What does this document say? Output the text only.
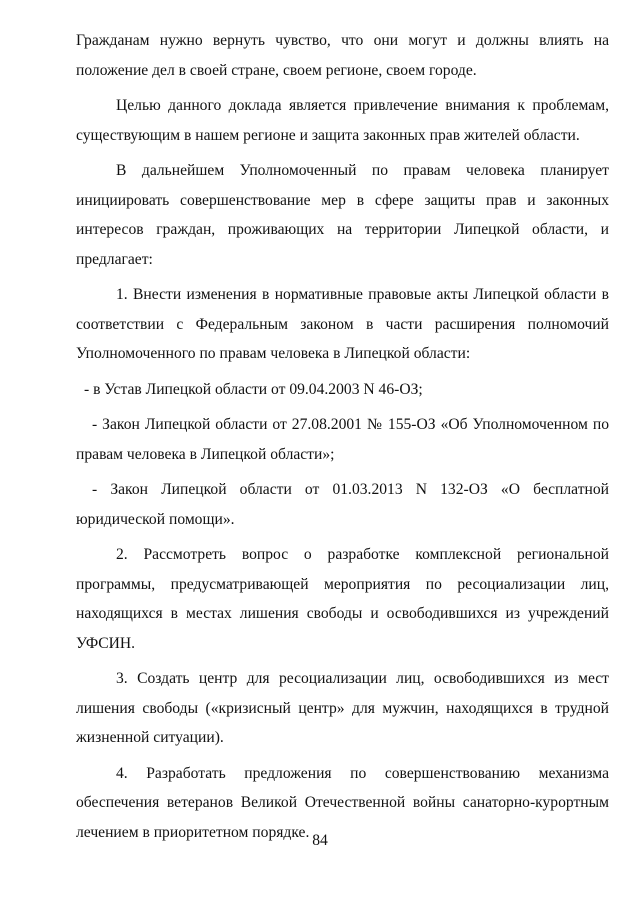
Гражданам нужно вернуть чувство, что они могут и должны влиять на положение дел в своей стране, своем регионе, своем городе.

Целью данного доклада является привлечение внимания к проблемам, существующим в нашем регионе и защита законных прав жителей области.

В дальнейшем Уполномоченный по правам человека планирует инициировать совершенствование мер в сфере защиты прав и законных интересов граждан, проживающих на территории Липецкой области, и предлагает:

1. Внести изменения в нормативные правовые акты Липецкой области в соответствии с Федеральным законом в части расширения полномочий Уполномоченного по правам человека в Липецкой области:

- в Устав Липецкой области от 09.04.2003 N 46-ОЗ;

- Закон Липецкой области от 27.08.2001 № 155-ОЗ «Об Уполномоченном по правам человека в Липецкой области»;

- Закон Липецкой области от 01.03.2013 N 132-ОЗ «О бесплатной юридической помощи».

2. Рассмотреть вопрос о разработке комплексной региональной программы, предусматривающей мероприятия по ресоциализации лиц, находящихся в местах лишения свободы и освободившихся из учреждений УФСИН.

3. Создать центр для ресоциализации лиц, освободившихся из мест лишения свободы («кризисный центр» для мужчин, находящихся в трудной жизненной ситуации).

4. Разработать предложения по совершенствованию механизма обеспечения ветеранов Великой Отечественной войны санаторно-курортным лечением в приоритетном порядке. 84
